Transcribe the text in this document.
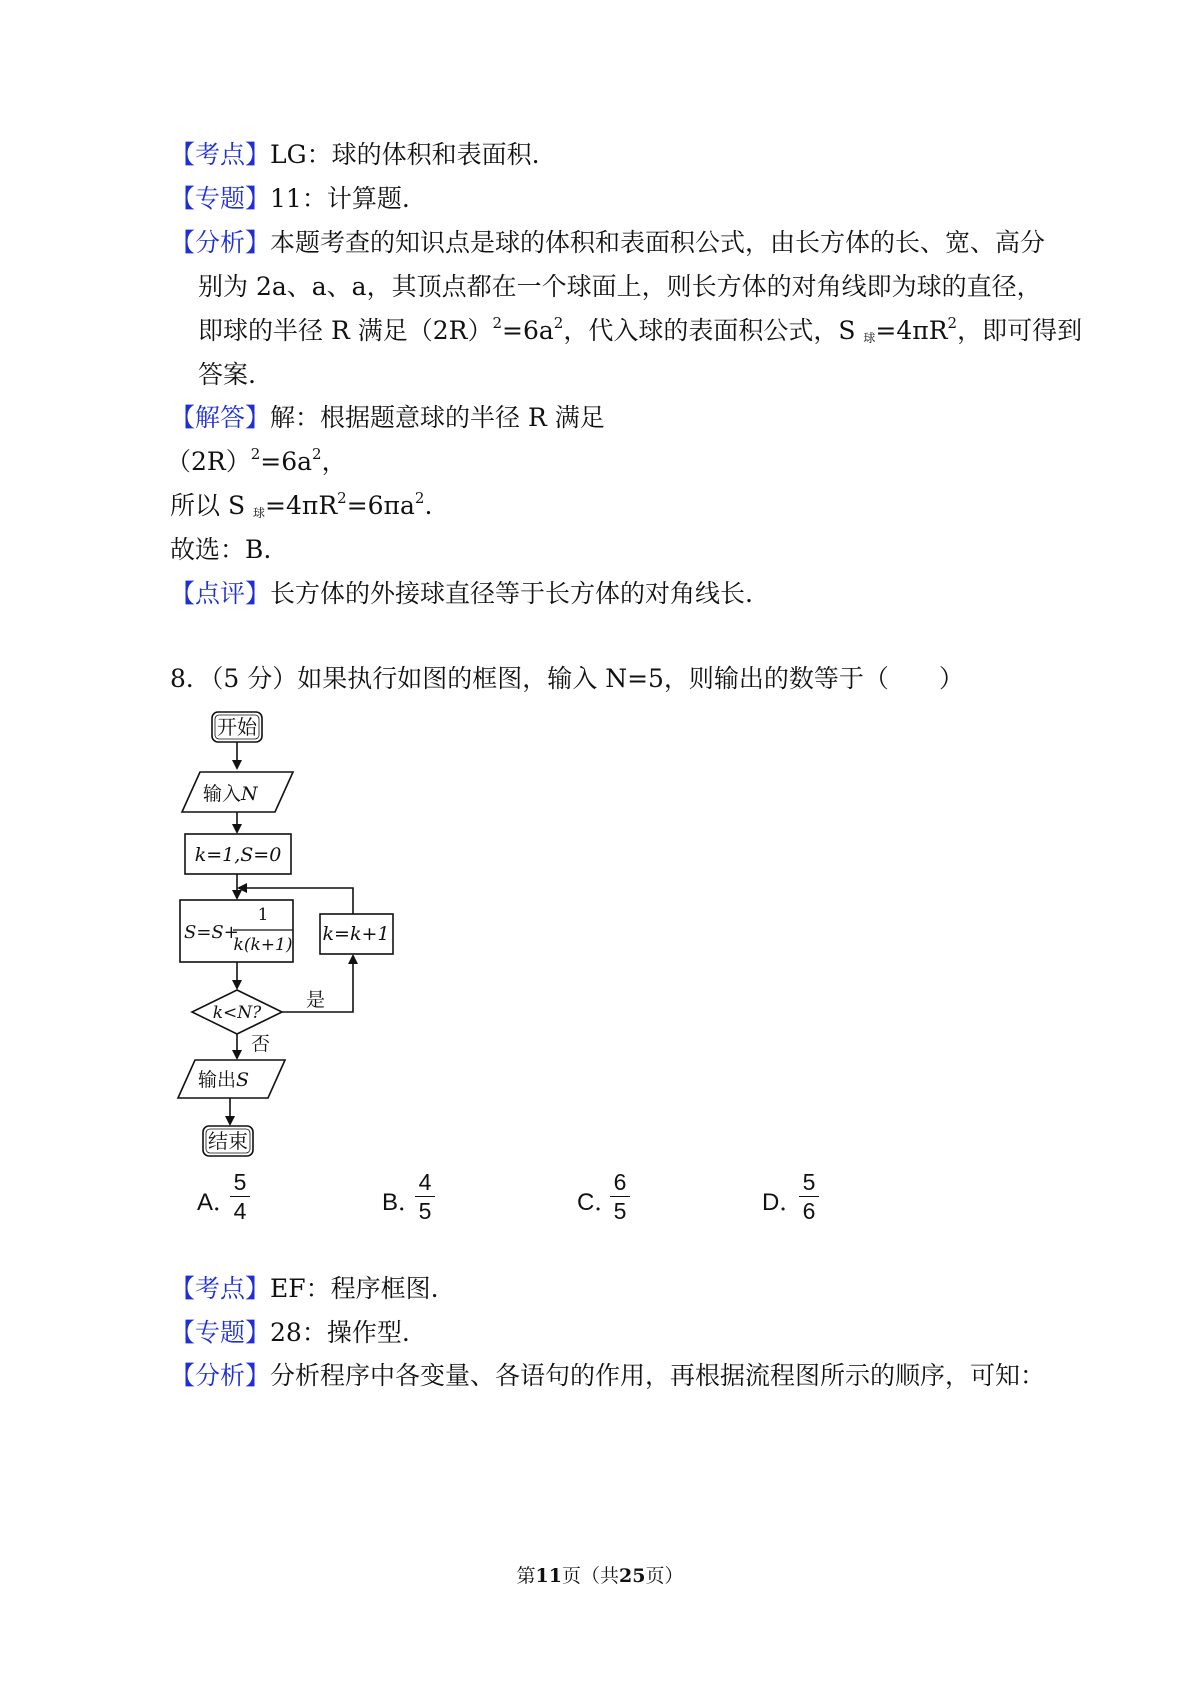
【考点】LG：球的体积和表面积.
【专题】11：计算题.
【分析】本题考查的知识点是球的体积和表面积公式，由长方体的长、宽、高分
别为 2a、a、a，其顶点都在一个球面上，则长方体的对角线即为球的直径，
即球的半径 R 满足$(2R)^2=6a^2$，代入球的表面积公式，S $_球=4\pi R^2$，即可得到
答案.
【解答】解：根据题意球的半径 R 满足
$(2R)^2=6a^2$，
所以 S $_球=4\pi R^2=6\pi a^2$.
故选：B.
【点评】长方体的外接球直径等于长方体的对角线长.
8．（5 分）如果执行如图的框图，输入 N=5，则输出的数等于（　　）
开始
输入N
k=1,S=0
S=S+
1
k(k+1) k=k+1
k<N?
是
否
输出S
结束
A．
5
4	B．
4
5	C．
6
5	D．
5
6
【考点】EF：程序框图.
【专题】28：操作型.
【分析】分析程序中各变量、各语句的作用，再根据流程图所示的顺序，可知：
第11页（共25页）
